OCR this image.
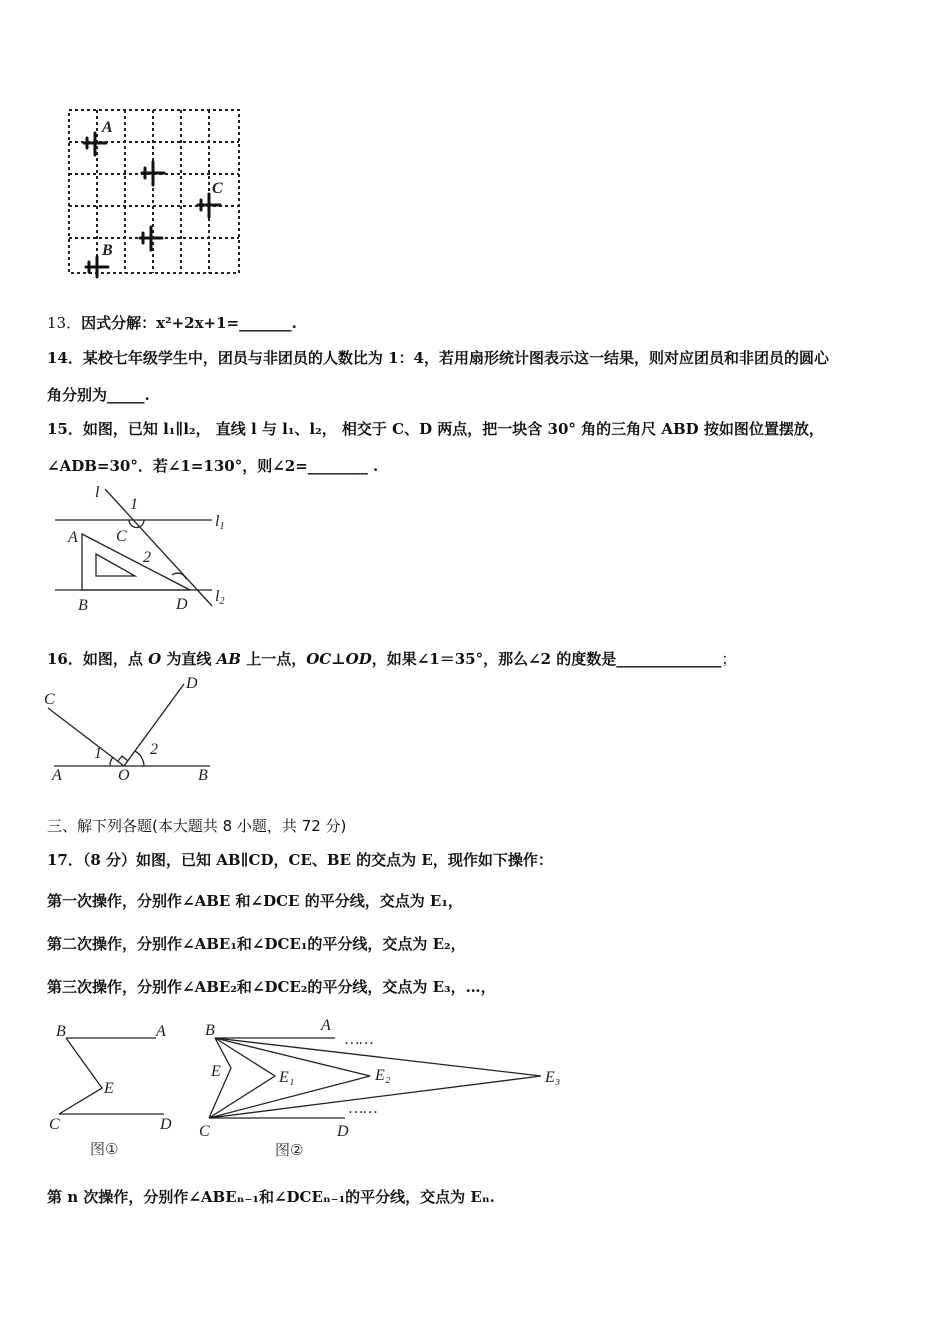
A
C
B
13．因式分解：x²+2x+1=_______.
14．某校七年级学生中，团员与非团员的人数比为 1：4，若用扇形统计图表示这一结果，则对应团员和非团员的圆心
角分别为_____.
15．如图，已知 l₁∥l₂， 直线 l 与 l₁、l₂， 相交于 C、D 两点，把一块含 30° 角的三角尺 ABD 按如图位置摆放，
∠ADB=30°．若∠1=130°，则∠2=________ .
l
1
l1
A C
2
B	D l2
16．如图，点 O 为直线 AB 上一点，OC⊥OD，如果∠1＝35°，那么∠2 的度数是______________；
C
D
1	2
A	O	B
三、解下列各题(本大题共 8 小题，共 72 分)
17．（8 分）如图，已知 AB∥CD，CE、BE 的交点为 E，现作如下操作：
第一次操作，分别作∠ABE 和∠DCE 的平分线，交点为 E₁，
第二次操作，分别作∠ABE₁和∠DCE₁的平分线，交点为 E₂，
第三次操作，分别作∠ABE₂和∠DCE₂的平分线，交点为 E₃，…，
B	A
E
C	D
图①
B	A
……
E	E₁	E₂	E₃
……
C	D
图②
第 n 次操作，分别作∠ABEₙ₋₁和∠DCEₙ₋₁的平分线，交点为 Eₙ.
